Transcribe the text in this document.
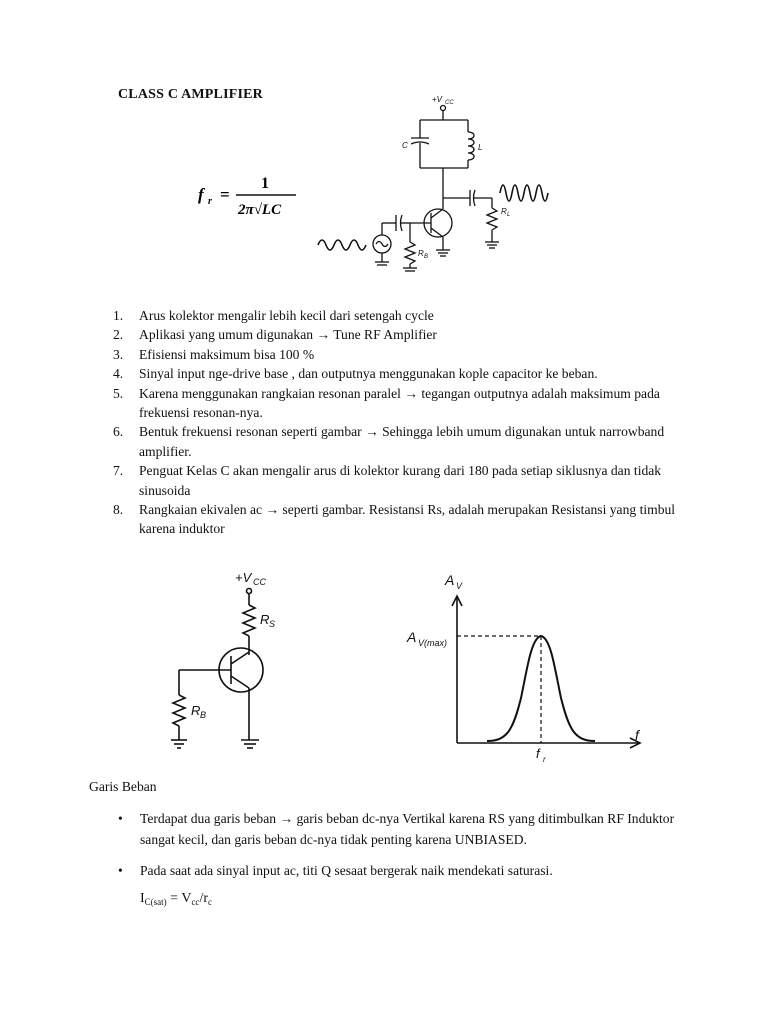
CLASS C AMPLIFIER
f r =
1
2π√LC
+V CC
C	L
R B
R L
1. Arus kolektor mengalir lebih kecil dari setengah cycle
2. Aplikasi yang umum digunakan → Tune RF Amplifier
3. Efisiensi maksimum bisa 100 %
4. Sinyal input nge-drive base , dan outputnya menggunakan kople capacitor ke beban.
5. Karena menggunakan rangkaian resonan paralel → tegangan outputnya adalah maksimum pada frekuensi resonan-nya.
6. Bentuk frekuensi resonan seperti gambar → Sehingga lebih umum digunakan untuk narrowband amplifier.
7. Penguat Kelas C akan mengalir arus di kolektor kurang dari 180 pada setiap siklusnya dan tidak sinusoida
8. Rangkaian ekivalen ac → seperti gambar. Resistansi Rs, adalah merupakan Resistansi yang timbul karena induktor
+V CC
R S
R B
A V
A V(max)
f
f r
Garis Beban
• Terdapat dua garis beban → garis beban dc-nya Vertikal karena RS yang ditimbulkan RF Induktor sangat kecil, dan garis beban dc-nya tidak penting karena UNBIASED.
• Pada saat ada sinyal input ac, titi Q sesaat bergerak naik mendekati saturasi.
$I_{C(sat)} = V_{cc}/r_c$
